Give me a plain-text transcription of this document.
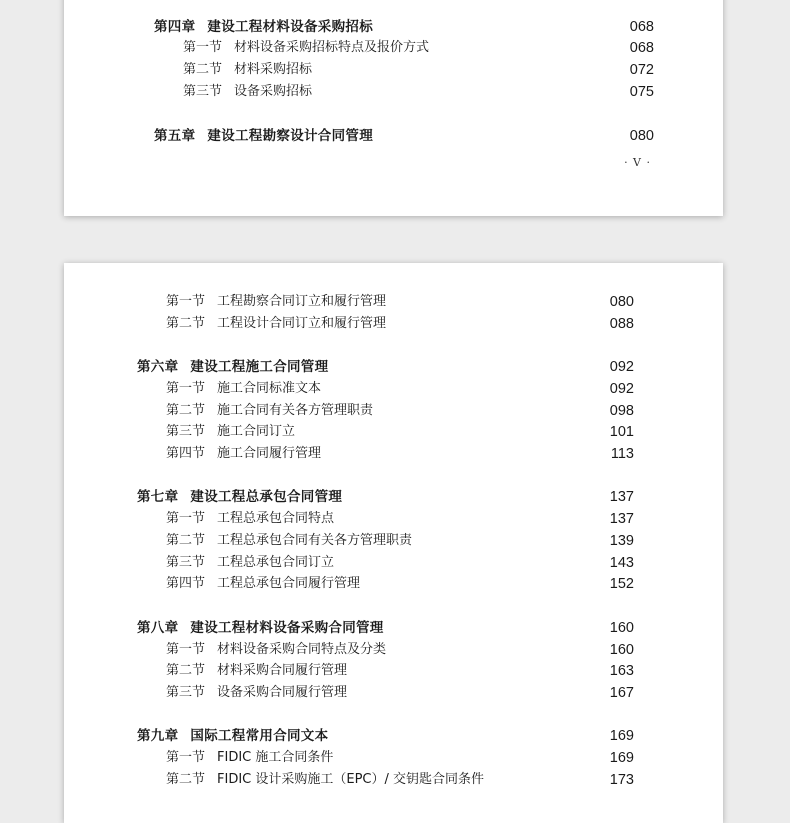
第四章 建设工程材料设备采购招标	068
第一节 材料设备采购招标特点及报价方式	068
第二节 材料采购招标	072
第三节 设备采购招标	075
第五章 建设工程勘察设计合同管理	080
· V ·
第一节 工程勘察合同订立和履行管理	080
第二节 工程设计合同订立和履行管理	088
第六章 建设工程施工合同管理	092
第一节 施工合同标准文本	092
第二节 施工合同有关各方管理职责	098
第三节 施工合同订立	101
第四节 施工合同履行管理	113
第七章 建设工程总承包合同管理	137
第一节 工程总承包合同特点	137
第二节 工程总承包合同有关各方管理职责	139
第三节 工程总承包合同订立	143
第四节 工程总承包合同履行管理	152
第八章 建设工程材料设备采购合同管理	160
第一节 材料设备采购合同特点及分类	160
第二节 材料采购合同履行管理	163
第三节 设备采购合同履行管理	167
第九章 国际工程常用合同文本	169
第一节 FIDIC 施工合同条件	169
第二节 FIDIC 设计采购施工（EPC）/ 交钥匙合同条件	173
